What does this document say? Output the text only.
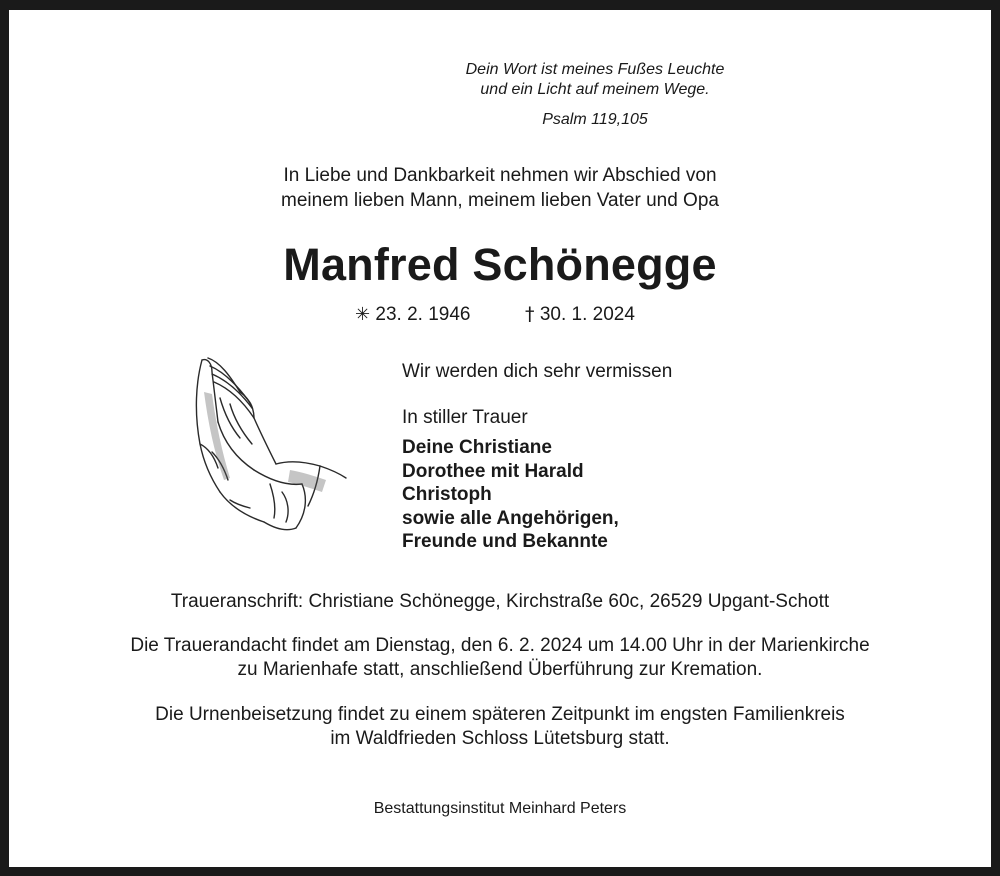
Dein Wort ist meines Fußes Leuchte
und ein Licht auf meinem Wege.
Psalm 119,105
In Liebe und Dankbarkeit nehmen wir Abschied von
meinem lieben Mann, meinem lieben Vater und Opa
Manfred Schönegge
✳ 23. 2. 1946	† 30. 1. 2024
Wir werden dich sehr vermissen
In stiller Trauer
Deine Christiane
Dorothee mit Harald
Christoph
sowie alle Angehörigen,
Freunde und Bekannte
Traueranschrift: Christiane Schönegge, Kirchstraße 60c, 26529 Upgant-Schott
Die Trauerandacht findet am Dienstag, den 6. 2. 2024 um 14.00 Uhr in der Marienkirche
zu Marienhafe statt, anschließend Überführung zur Kremation.
Die Urnenbeisetzung findet zu einem späteren Zeitpunkt im engsten Familienkreis
im Waldfrieden Schloss Lütetsburg statt.
Bestattungsinstitut Meinhard Peters
